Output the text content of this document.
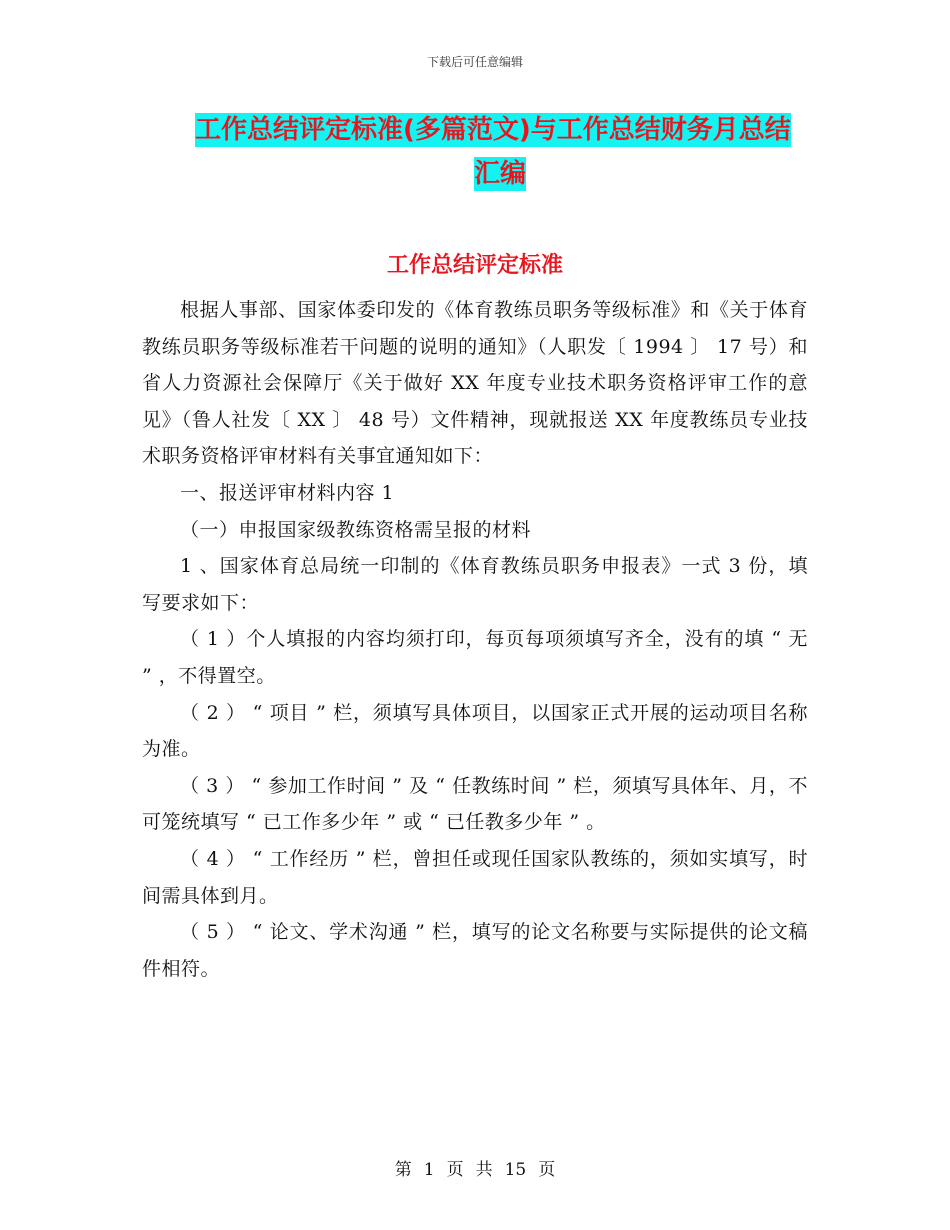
下载后可任意编辑
工作总结评定标准(多篇范文)与工作总结财务月总结
汇编
工作总结评定标准

根据人事部、国家体委印发的《体育教练员职务等级标准》和《关于体育教练员职务等级标准若干问题的说明的通知》（人职发〔 1994 〕 17 号）和省人力资源社会保障厅《关于做好 XX 年度专业技术职务资格评审工作的意见》（鲁人社发〔 XX 〕 48 号）文件精神，现就报送 XX 年度教练员专业技术职务资格评审材料有关事宜通知如下：

一、报送评审材料内容 1

（一）申报国家级教练资格需呈报的材料

1 、国家体育总局统一印制的《体育教练员职务申报表》一式 3 份，填写要求如下：

（ 1 ）个人填报的内容均须打印，每页每项须填写齐全，没有的填 “ 无 ” ，不得置空。

（ 2 ） “ 项目 ” 栏，须填写具体项目，以国家正式开展的运动项目名称为准。

（ 3 ） “ 参加工作时间 ” 及 “ 任教练时间 ” 栏，须填写具体年、月，不可笼统填写 “ 已工作多少年 ” 或 “ 已任教多少年 ” 。

（ 4 ） “ 工作经历 ” 栏，曾担任或现任国家队教练的，须如实填写，时间需具体到月。

（ 5 ） “ 论文、学术沟通 ” 栏，填写的论文名称要与实际提供的论文稿件相符。

第 1 页 共 15 页
